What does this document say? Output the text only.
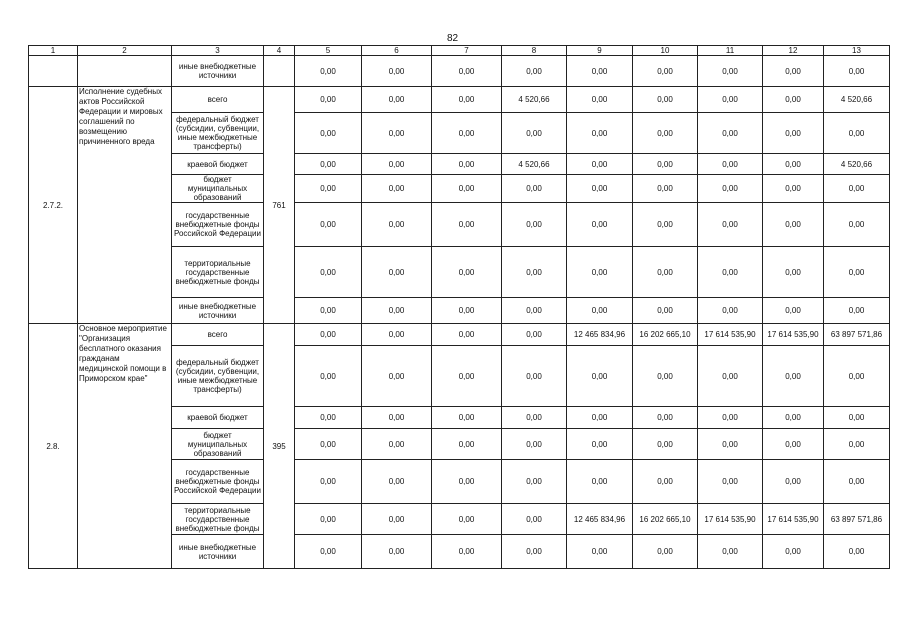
82
1	2	3	4	5	6	7	8	9	10	11	12	13
		иные внебюджетные источники		0,00	0,00	0,00	0,00	0,00	0,00	0,00	0,00	0,00
2.7.2.	Исполнение судебных актов Российской Федерации и мировых соглашений по возмещению причиненного вреда	всего	761	0,00	0,00	0,00	4 520,66	0,00	0,00	0,00	0,00	4 520,66
		федеральный бюджет (субсидии, субвенции, иные межбюджетные трансферты)		0,00	0,00	0,00	0,00	0,00	0,00	0,00	0,00	0,00
		краевой бюджет		0,00	0,00	0,00	4 520,66	0,00	0,00	0,00	0,00	4 520,66
		бюджет муниципальных образований		0,00	0,00	0,00	0,00	0,00	0,00	0,00	0,00	0,00
		государственные внебюджетные фонды Российской Федерации		0,00	0,00	0,00	0,00	0,00	0,00	0,00	0,00	0,00
		территориальные государственные внебюджетные фонды		0,00	0,00	0,00	0,00	0,00	0,00	0,00	0,00	0,00
		иные внебюджетные источники		0,00	0,00	0,00	0,00	0,00	0,00	0,00	0,00	0,00
2.8.	Основное мероприятие "Организация бесплатного оказания гражданам медицинской помощи в Приморском крае"	всего	395	0,00	0,00	0,00	0,00	12 465 834,96	16 202 665,10	17 614 535,90	17 614 535,90	63 897 571,86
		федеральный бюджет (субсидии, субвенции, иные межбюджетные трансферты)		0,00	0,00	0,00	0,00	0,00	0,00	0,00	0,00	0,00
		краевой бюджет		0,00	0,00	0,00	0,00	0,00	0,00	0,00	0,00	0,00
		бюджет муниципальных образований		0,00	0,00	0,00	0,00	0,00	0,00	0,00	0,00	0,00
		государственные внебюджетные фонды Российской Федерации		0,00	0,00	0,00	0,00	0,00	0,00	0,00	0,00	0,00
		территориальные государственные внебюджетные фонды		0,00	0,00	0,00	0,00	12 465 834,96	16 202 665,10	17 614 535,90	17 614 535,90	63 897 571,86
		иные внебюджетные источники		0,00	0,00	0,00	0,00	0,00	0,00	0,00	0,00	0,00
